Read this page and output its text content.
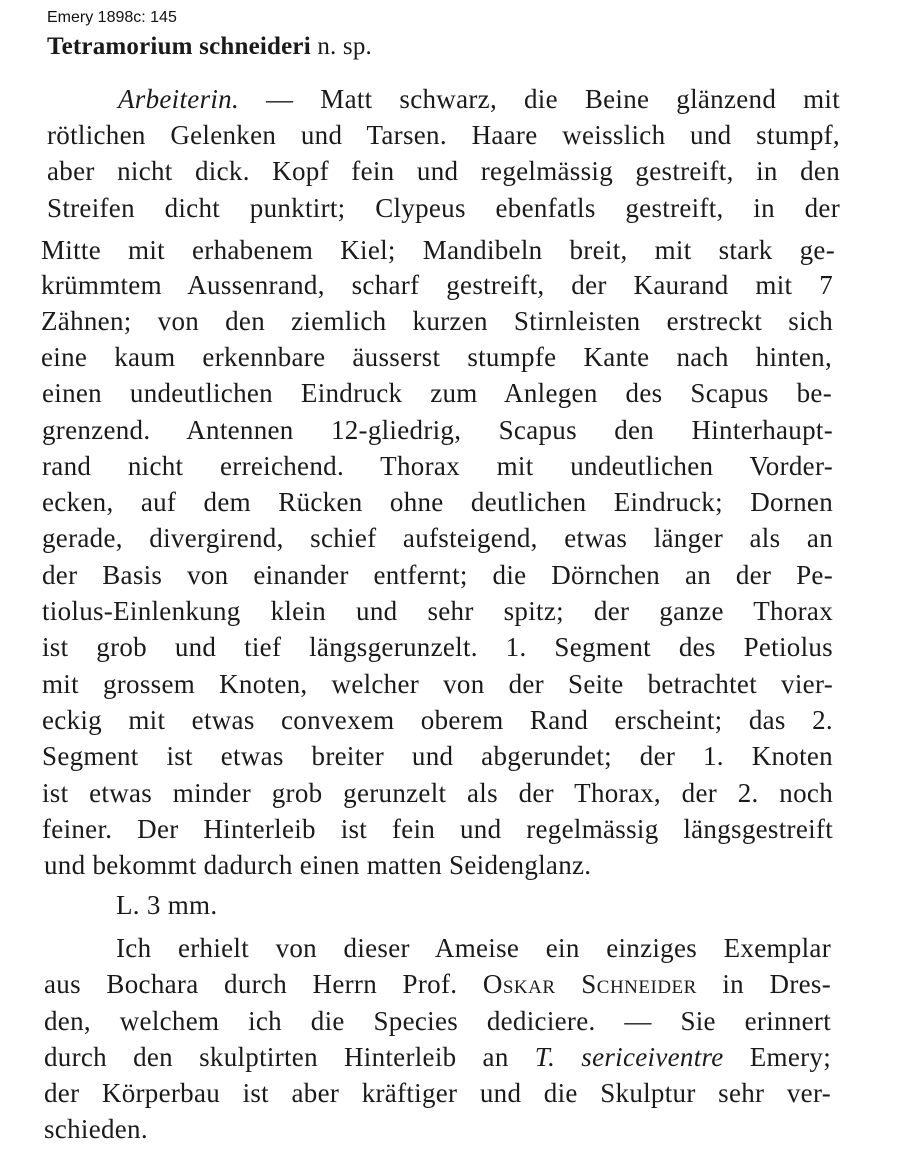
Emery 1898c: 145
Tetramorium schneideri n. sp.
Arbeiterin. — Matt schwarz, die Beine glänzend mit
rötlichen Gelenken und Tarsen. Haare weisslich und stumpf,
aber nicht dick. Kopf fein und regelmässig gestreift, in den
Streifen dicht punktirt; Clypeus ebenfatls gestreift, in der
Mitte mit erhabenem Kiel; Mandibeln breit, mit stark ge-
krümmtem Aussenrand, scharf gestreift, der Kaurand mit 7
Zähnen; von den ziemlich kurzen Stirnleisten erstreckt sich
eine kaum erkennbare äusserst stumpfe Kante nach hinten,
einen undeutlichen Eindruck zum Anlegen des Scapus be-
grenzend. Antennen 12-gliedrig, Scapus den Hinterhaupt-
rand nicht erreichend. Thorax mit undeutlichen Vorder-
ecken, auf dem Rücken ohne deutlichen Eindruck; Dornen
gerade, divergirend, schief aufsteigend, etwas länger als an
der Basis von einander entfernt; die Dörnchen an der Pe-
tiolus-Einlenkung klein und sehr spitz; der ganze Thorax
ist grob und tief längsgerunzelt. 1. Segment des Petiolus
mit grossem Knoten, welcher von der Seite betrachtet vier-
eckig mit etwas convexem oberem Rand erscheint; das 2.
Segment ist etwas breiter und abgerundet; der 1. Knoten
ist etwas minder grob gerunzelt als der Thorax, der 2. noch
feiner. Der Hinterleib ist fein und regelmässig längsgestreift
und bekommt dadurch einen matten Seidenglanz.
L. 3 mm.
Ich erhielt von dieser Ameise ein einziges Exemplar
aus Bochara durch Herrn Prof. Oskar Schneider in Dres-
den, welchem ich die Species dediciere. — Sie erinnert
durch den skulptirten Hinterleib an T. sericeiventre Emery;
der Körperbau ist aber kräftiger und die Skulptur sehr ver-
schieden.
